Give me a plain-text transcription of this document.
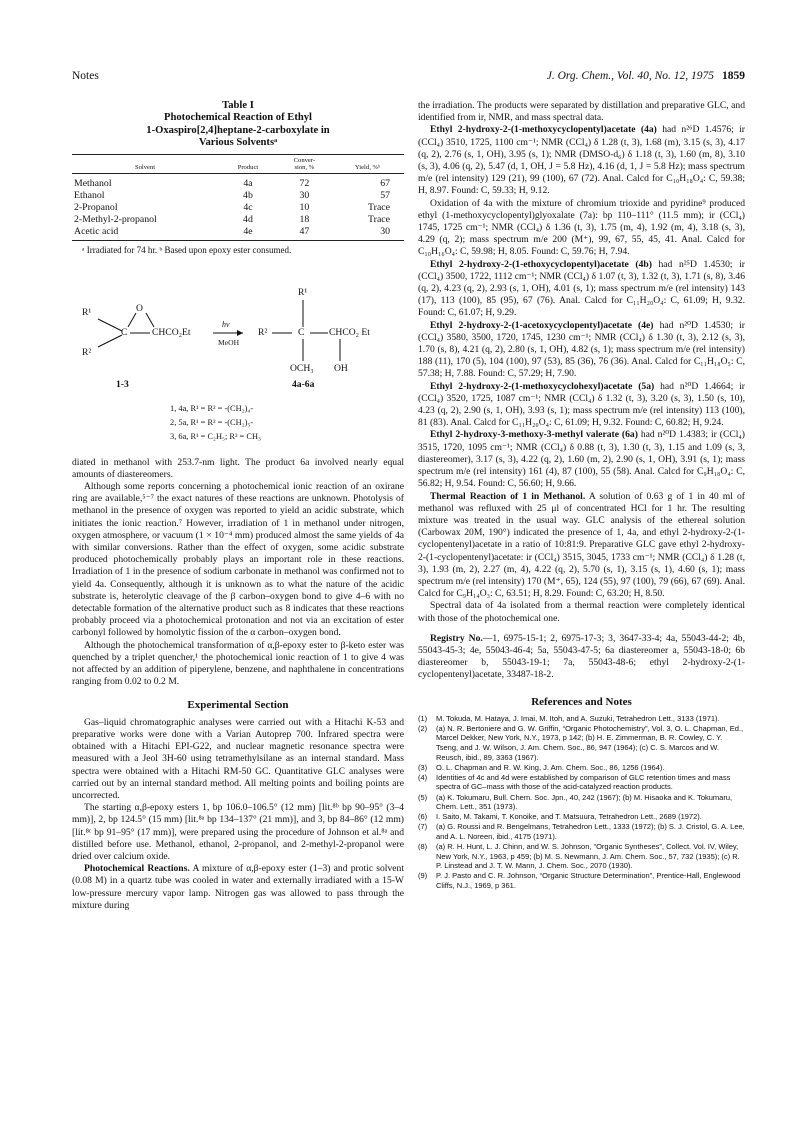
Notes	J. Org. Chem., Vol. 40, No. 12, 1975 1859
Table I
Photochemical Reaction of Ethyl
1-Oxaspiro[2,4]heptane-2-carboxylate in
Various Solventsᵃ
Solvent	Product	Conver-
sion, %	Yield, %ᵇ
Methanol	4a	72	67
Ethanol	4b	30	57
2-Propanol	4c	10	Trace
2-Methyl-2-propanol	4d	18	Trace
Acetic acid	4e	47	30
ᵃ Irradiated for 74 hr. ᵇ Based upon epoxy ester consumed.
R¹
R²
C
O
CHCO₂Et
hν
MeOH
R²
R¹
C	CHCO₂ Et
OCH₃ OH
1-3	4a-6a
1, 4a, R¹ = R² = -(CH₂)₄-
2, 5a, R¹ = R² = -(CH₂)₅-
3, 6a, R¹ = C₂H₅; R² = CH₃

diated in methanol with 253.7-nm light. The product 6a involved nearly equal amounts of diastereomers.

Although some reports concerning a photochemical ionic reaction of an oxirane ring are available,⁵⁻⁷ the exact natures of these reactions are unknown. Photolysis of methanol in the presence of oxygen was reported to yield an acidic substrate, which initiates the ionic reaction.⁷ However, irradiation of 1 in methanol under nitrogen, oxygen atmosphere, or vacuum (1 × 10⁻⁴ mm) produced almost the same yields of 4a with similar conversions. Rather than the effect of oxygen, some acidic substrate produced photochemically probably plays an important role in these reactions. Irradiation of 1 in the presence of sodium carbonate in methanol was confirmed not to yield 4a. Consequently, although it is unknown as to what the nature of the acidic substrate is, heterolytic cleavage of the β carbon–oxygen bond to give 4–6 with no detectable formation of the alternative product such as 8 indicates that these reactions probably proceed via a photochemical protonation and not via an excitation of ester carbonyl followed by homolytic fission of the α carbon–oxygen bond.

Although the photochemical transformation of α,β-epoxy ester to β-keto ester was quenched by a triplet quencher,¹ the photochemical ionic reaction of 1 to give 4 was not affected by an addition of piperylene, benzene, and naphthalene in concentrations ranging from 0.02 to 0.2 M.

Experimental Section

Gas–liquid chromatographic analyses were carried out with a Hitachi K-53 and preparative works were done with a Varian Autoprep 700. Infrared spectra were obtained with a Hitachi EPI-G22, and nuclear magnetic resonance spectra were measured with a Jeol 3H-60 using tetramethylsilane as an internal standard. Mass spectra were obtained with a Hitachi RM-50 GC. Quantitative GLC analyses were carried out by an internal standard method. All melting points and boiling points are uncorrected.

The starting α,β-epoxy esters 1, bp 106.0–106.5° (12 mm) [lit.⁸ᵇ bp 90–95° (3–4 mm)], 2, bp 124.5° (15 mm) [lit.⁸ᵃ bp 134–137° (21 mm)], and 3, bp 84–86° (12 mm) [lit.⁸ᶜ bp 91–95° (17 mm)], were prepared using the procedure of Johnson et al.⁸ᵃ and distilled before use. Methanol, ethanol, 2-propanol, and 2-methyl-2-propanol were dried over calcium oxide.

Photochemical Reactions. A mixture of α,β-epoxy ester (1–3) and protic solvent (0.08 M) in a quartz tube was cooled in water and externally irradiated with a 15-W low-pressure mercury vapor lamp. Nitrogen gas was allowed to pass through the mixture during

the irradiation. The products were separated by distillation and preparative GLC, and identified from ir, NMR, and mass spectral data.

Ethyl 2-hydroxy-2-(1-methoxycyclopentyl)acetate (4a) had n²⁶D 1.4576; ir (CCl₄) 3510, 1725, 1100 cm⁻¹; NMR (CCl₄) δ 1.28 (t, 3), 1.68 (m), 3.15 (s, 3), 4.17 (q, 2), 2.76 (s, 1, OH), 3.95 (s, 1); NMR (DMSO-d₆) δ 1.18 (t, 3), 1.60 (m, 8), 3.10 (s, 3), 4.06 (q, 2), 5.47 (d, 1, OH, J = 5.8 Hz), 4.16 (d, 1, J = 5.8 Hz); mass spectrum m/e (rel intensity) 129 (21), 99 (100), 67 (72). Anal. Calcd for C₁₀H₁₈O₄: C, 59.38; H, 8.97. Found: C, 59.33; H, 9.12.

Oxidation of 4a with the mixture of chromium trioxide and pyridine⁹ produced ethyl (1-methoxycyclopentyl)glyoxalate (7a): bp 110–111° (11.5 mm); ir (CCl₄) 1745, 1725 cm⁻¹; NMR (CCl₄) δ 1.36 (t, 3), 1.75 (m, 4), 1.92 (m, 4), 3.18 (s, 3), 4.29 (q, 2); mass spectrum m/e 200 (M⁺), 99, 67, 55, 45, 41. Anal. Calcd for C₁₀H₁₆O₄: C, 59.98; H, 8.05. Found: C, 59.76; H, 7.94.

Ethyl 2-hydroxy-2-(1-ethoxycyclopentyl)acetate (4b) had n²⁵D 1.4530; ir (CCl₄) 3500, 1722, 1112 cm⁻¹; NMR (CCl₄) δ 1.07 (t, 3), 1.32 (t, 3), 1.71 (s, 8), 3.46 (q, 2), 4.23 (q, 2), 2.93 (s, 1, OH), 4.01 (s, 1); mass spectrum m/e (rel intensity) 143 (17), 113 (100), 85 (95), 67 (76). Anal. Calcd for C₁₁H₂₀O₄: C, 61.09; H, 9.32. Found: C, 61.07; H, 9.29.

Ethyl 2-hydroxy-2-(1-acetoxycyclopentyl)acetate (4e) had n²⁰D 1.4530; ir (CCl₄) 3580, 3500, 1720, 1745, 1230 cm⁻¹; NMR (CCl₄) δ 1.30 (t, 3), 2.12 (s, 3), 1.70 (s, 8), 4.21 (q, 2), 2.80 (s, 1, OH), 4.82 (s, 1); mass spectrum m/e (rel intensity) 188 (11), 170 (5), 104 (100), 97 (53), 85 (36), 76 (36). Anal. Calcd for C₁₁H₁₈O₅: C, 57.38; H, 7.88. Found: C, 57.29; H, 7.90.

Ethyl 2-hydroxy-2-(1-methoxycyclohexyl)acetate (5a) had n²⁰D 1.4664; ir (CCl₄) 3520, 1725, 1087 cm⁻¹; NMR (CCl₄) δ 1.32 (t, 3), 3.20 (s, 3), 1.50 (s, 10), 4.23 (q, 2), 2.90 (s, 1, OH), 3.93 (s, 1); mass spectrum m/e (rel intensity) 113 (100), 81 (83). Anal. Calcd for C₁₁H₂₀O₄: C, 61.09; H, 9.32. Found: C, 60.82; H, 9.24.

Ethyl 2-hydroxy-3-methoxy-3-methyl valerate (6a) had n²⁰D 1.4383; ir (CCl₄) 3515, 1720, 1095 cm⁻¹; NMR (CCl₄) δ 0.88 (t, 3), 1.30 (t, 3), 1.15 and 1.09 (s, 3, diastereomer), 3.17 (s, 3), 4.22 (q, 2), 1.60 (m, 2), 2.90 (s, 1, OH), 3.91 (s, 1); mass spectrum m/e (rel intensity) 161 (4), 87 (100), 55 (58). Anal. Calcd for C₉H₁₈O₄: C, 56.82; H, 9.54. Found: C, 56.60; H, 9.66.

Thermal Reaction of 1 in Methanol. A solution of 0.63 g of 1 in 40 ml of methanol was refluxed with 25 μl of concentrated HCl for 1 hr. The resulting mixture was treated in the usual way. GLC analysis of the ethereal solution (Carbowax 20M, 190°) indicated the presence of 1, 4a, and ethyl 2-hydroxy-2-(1-cyclopentenyl)acetate in a ratio of 10:81:9. Preparative GLC gave ethyl 2-hydroxy-2-(1-cyclopentenyl)acetate: ir (CCl₄) 3515, 3045, 1733 cm⁻¹; NMR (CCl₄) δ 1.28 (t, 3), 1.93 (m, 2), 2.27 (m, 4), 4.22 (q, 2), 5.70 (s, 1), 3.15 (s, 1), 4.60 (s, 1); mass spectrum m/e (rel intensity) 170 (M⁺, 65), 124 (55), 97 (100), 79 (66), 67 (69). Anal. Calcd for C₉H₁₄O₃: C, 63.51; H, 8.29. Found: C, 63.20; H, 8.50.

Spectral data of 4a isolated from a thermal reaction were completely identical with those of the photochemical one.

Registry No.—1, 6975-15-1; 2, 6975-17-3; 3, 3647-33-4; 4a, 55043-44-2; 4b, 55043-45-3; 4e, 55043-46-4; 5a, 55043-47-5; 6a diastereomer a, 55043-18-0; 6b diastereomer b, 55043-19-1; 7a, 55043-48-6; ethyl 2-hydroxy-2-(1-cyclopentenyl)acetate, 33487-18-2.

References and Notes
(1)	M. Tokuda, M. Hataya, J. Imai, M. Itoh, and A. Suzuki, Tetrahedron Lett., 3133 (1971).
(2)	(a) N. R. Bertoniere and G. W. Griffin, “Organic Photochemistry”, Vol. 3, O. L. Chapman, Ed., Marcel Dekker, New York, N.Y., 1973, p 142; (b) H. E. Zimmerman, B. R. Cowley, C. Y. Tseng, and J. W. Wilson, J. Am. Chem. Soc., 86, 947 (1964); (c) C. S. Marcos and W. Reusch, ibid., 89, 3363 (1967).
(3)	O. L. Chapman and R. W. King, J. Am. Chem. Soc., 86, 1256 (1964).
(4)	Identities of 4c and 4d were established by comparison of GLC retention times and mass spectra of GC–mass with those of the acid-catalyzed reaction products.
(5)	(a) K. Tokumaru, Bull. Chem. Soc. Jpn., 40, 242 (1967); (b) M. Hisaoka and K. Tokumaru, Chem. Lett., 351 (1973).
(6)	I. Saito, M. Takami, T. Konoike, and T. Matsuura, Tetrahedron Lett., 2689 (1972).
(7)	(a) G. Roussi and R. Bengelmans, Tetrahedron Lett., 1333 (1972); (b) S. J. Cristol, G. A. Lee, and A. L. Noreen, ibid., 4175 (1971).
(8)	(a) R. H. Hunt, L. J. Chinn, and W. S. Johnson, “Organic Syntheses”, Collect. Vol. IV, Wiley, New York, N.Y., 1963, p 459; (b) M. S. Newmann, J. Am. Chem. Soc., 57, 732 (1935); (c) R. P. Linstead and J. T. W. Mann, J. Chem. Soc., 2070 (1930).
(9)	P. J. Pasto and C. R. Johnson, “Organic Structure Determination”, Prentice-Hall, Englewood Cliffs, N.J., 1969, p 361.
